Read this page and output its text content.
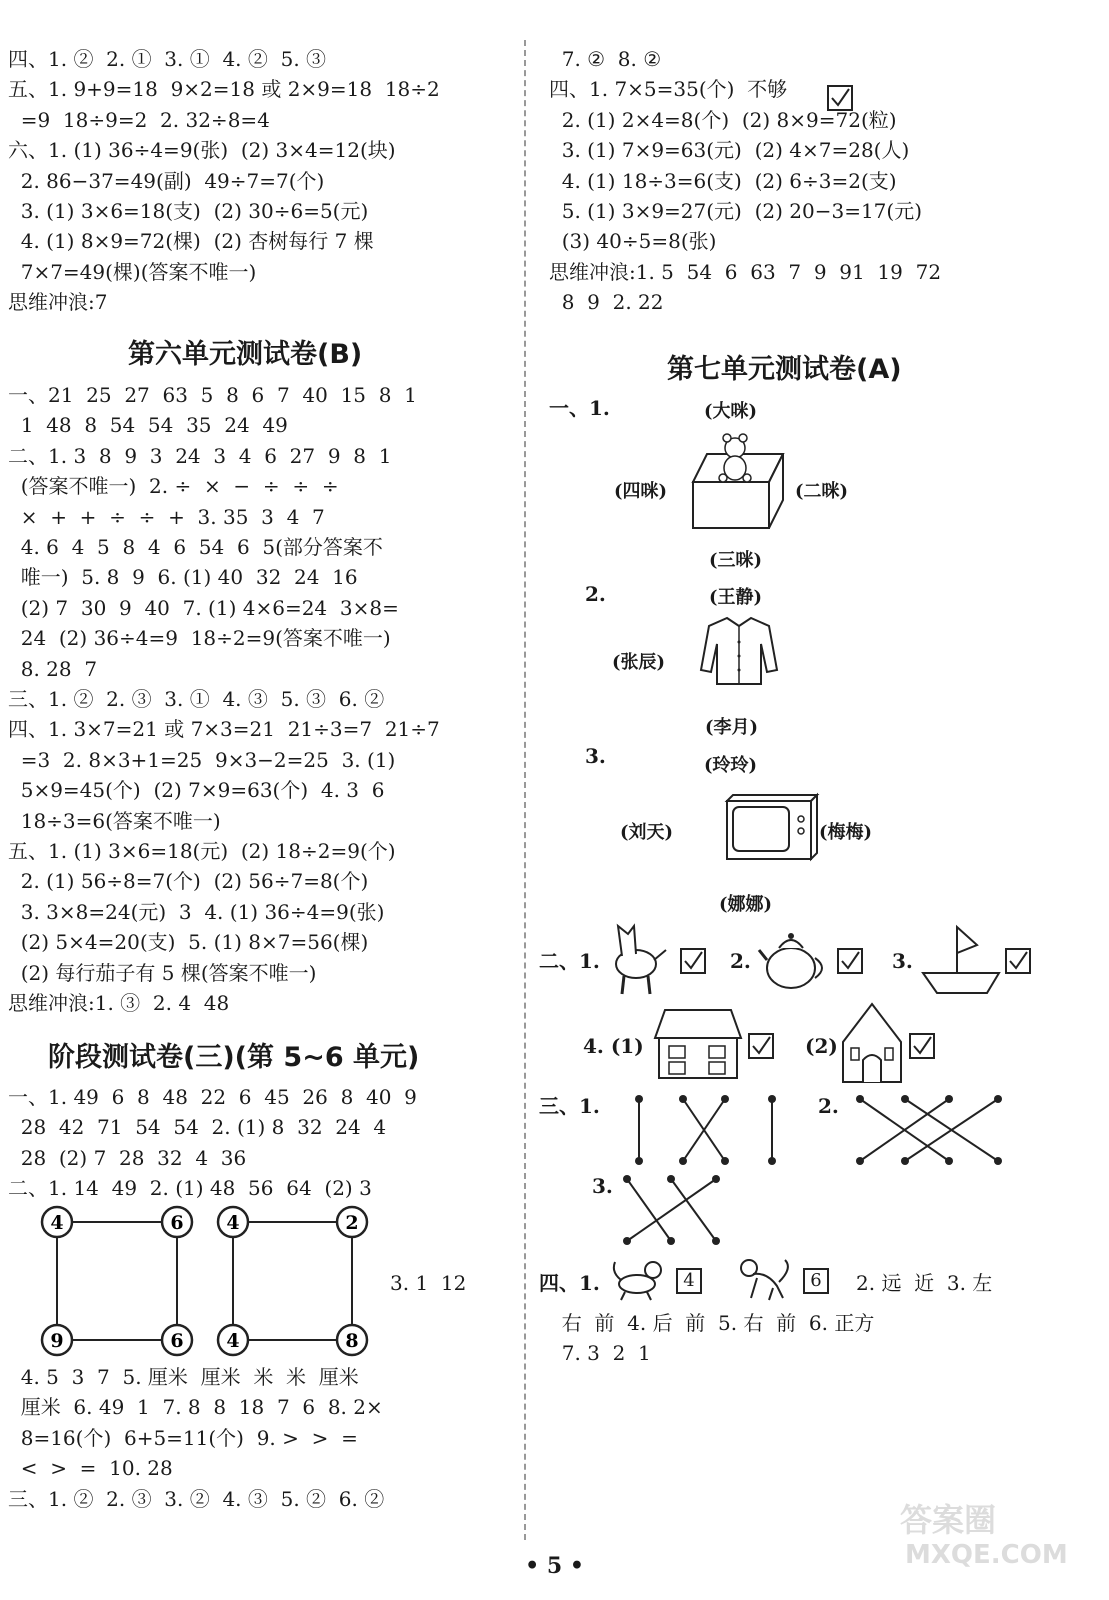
四、1. ②  2. ①  3. ①  4. ②  5. ③
五、1. 9+9=18  9×2=18 或 2×9=18  18÷2
=9  18÷9=2  2. 32÷8=4
六、1. (1) 36÷4=9(张)  (2) 3×4=12(块)
2. 86−37=49(副)  49÷7=7(个)
3. (1) 3×6=18(支)  (2) 30÷6=5(元)
4. (1) 8×9=72(棵)  (2) 杏树每行 7 棵
7×7=49(棵)(答案不唯一)
思维冲浪:7
第六单元测试卷(B)
一、21  25  27  63  5  8  6  7  40  15  8  1
1  48  8  54  54  35  24  49
二、1. 3  8  9  3  24  3  4  6  27  9  8  1
(答案不唯一)  2. ÷  ×  −  ÷  ÷  ÷
×  +  +  ÷  ÷  +  3. 35  3  4  7
4. 6  4  5  8  4  6  54  6  5(部分答案不
唯一)  5. 8  9  6. (1) 40  32  24  16
(2) 7  30  9  40  7. (1) 4×6=24  3×8=
24  (2) 36÷4=9  18÷2=9(答案不唯一)
8. 28  7
三、1. ②  2. ③  3. ①  4. ③  5. ③  6. ②
四、1. 3×7=21 或 7×3=21  21÷3=7  21÷7
=3  2. 8×3+1=25  9×3−2=25  3. (1)
5×9=45(个)  (2) 7×9=63(个)  4. 3  6
18÷3=6(答案不唯一)
五、1. (1) 3×6=18(元)  (2) 18÷2=9(个)
2. (1) 56÷8=7(个)  (2) 56÷7=8(个)
3. 3×8=24(元)  3  4. (1) 36÷4=9(张)
(2) 5×4=20(支)  5. (1) 8×7=56(棵)
(2) 每行茄子有 5 棵(答案不唯一)
思维冲浪:1. ③  2. 4  48
阶段测试卷(三)(第 5~6 单元)
一、1. 49  6  8  48  22  6  45  26  8  40  9
28  42  71  54  54  2. (1) 8  32  24  4
28  (2) 7  28  32  4  36
二、1. 14  49  2. (1) 48  56  64  (2) 3
4	6
9	6
4	2
4	8
3. 1  12
4. 5  3  7  5. 厘米  厘米  米  米  厘米
厘米  6. 49  1  7. 8  8  18  7  6  8. 2×
8=16(个)  6+5=11(个)  9. >  >  =
<  >  =  10. 28
三、1. ②  2. ③  3. ②  4. ③  5. ②  6. ②
7. ②  8. ②
四、1. 7×5=35(个)  不够
2. (1) 2×4=8(个)  (2) 8×9=72(粒)
3. (1) 7×9=63(元)  (2) 4×7=28(人)
4. (1) 18÷3=6(支)  (2) 6÷3=2(支)
5. (1) 3×9=27(元)  (2) 20−3=17(元)
(3) 40÷5=8(张)
思维冲浪:1. 5  54  6  63  7  9  91  19  72
8  9  2. 22
第七单元测试卷(A)
一、1.	(大咪)
(四咪)	(二咪)
(三咪)
2.	(王静)
(张辰)
(李月)
3.	(玲玲)
(刘天)	(梅梅)
(娜娜)
二、1.	2.	3.
4. (1)	(2)
三、1.	2.
3.
四、1.	4	6	2. 远  近  3. 左
右  前  4. 后  前  5. 右  前  6. 正方
7. 3  2  1
• 5 •
答案圈
MXQE.COM
